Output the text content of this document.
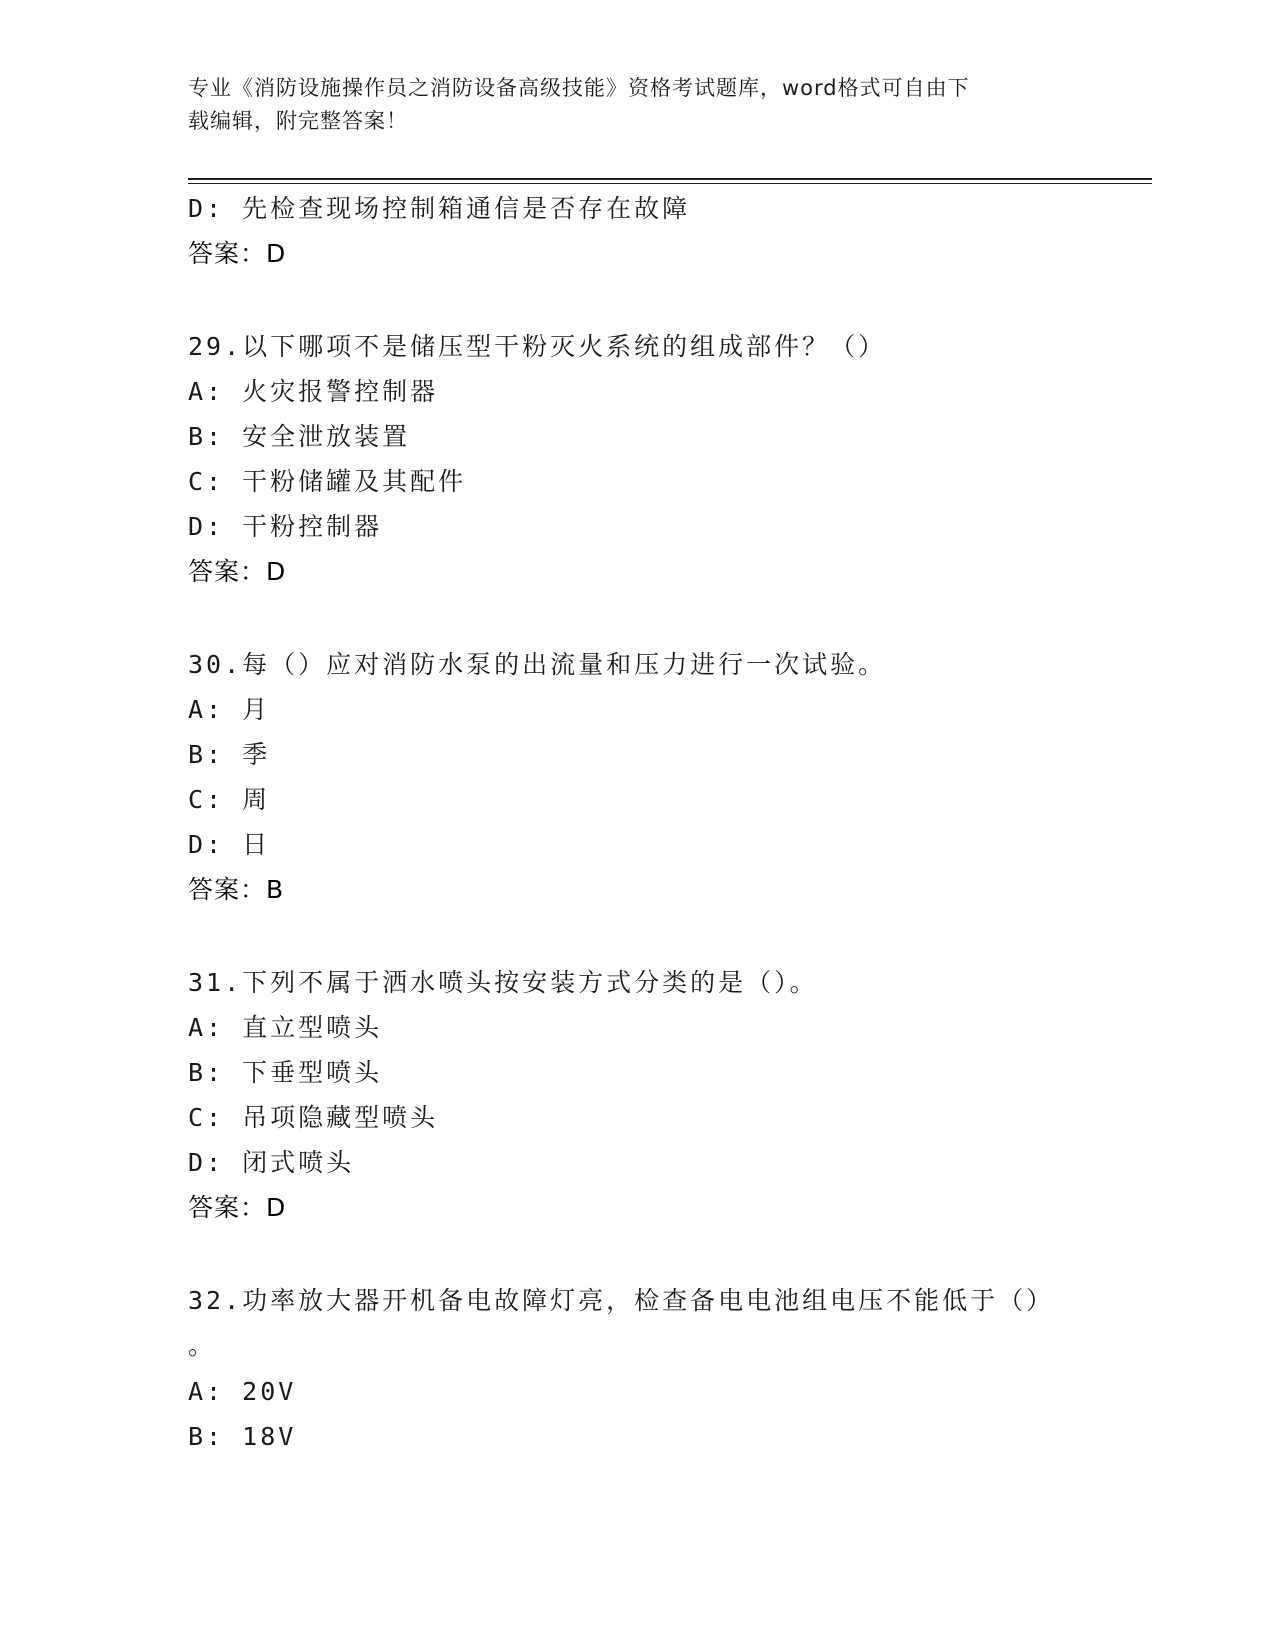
专业《消防设施操作员之消防设备高级技能》资格考试题库，word格式可自由下
载编辑，附完整答案！
D: 先检查现场控制箱通信是否存在故障
答案：D
29.以下哪项不是储压型干粉灭火系统的组成部件？（）
A: 火灾报警控制器
B: 安全泄放装置
C: 干粉储罐及其配件
D: 干粉控制器
答案：D
30.每（）应对消防水泵的出流量和压力进行一次试验。
A: 月
B: 季
C: 周
D: 日
答案：B
31.下列不属于洒水喷头按安装方式分类的是（）。
A: 直立型喷头
B: 下垂型喷头
C: 吊项隐藏型喷头
D: 闭式喷头
答案：D
32.功率放大器开机备电故障灯亮，检查备电电池组电压不能低于（）
。
A: 20V
B: 18V
